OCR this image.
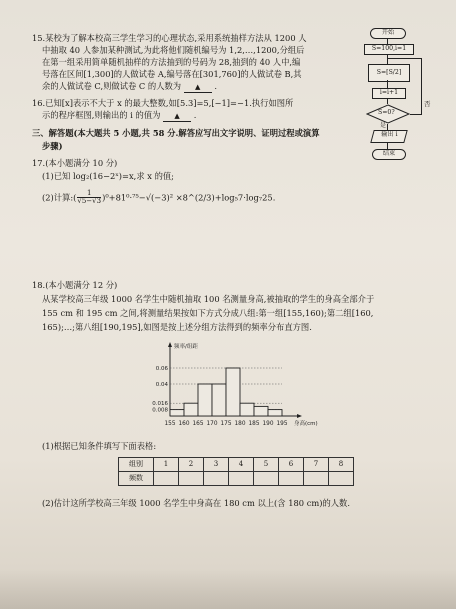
15.某校为了解本校高三学生学习的心理状态,采用系统抽样方法从 1200 人
中抽取 40 人参加某种测试,为此将他们随机编号为 1,2,…,1200,分组后
在第一组采用简单随机抽样的方法抽到的号码为 28,抽到的 40 人中,编
号落在区间[1,300]的人做试卷 A,编号落在[301,760]的人做试卷 B,其
余的人做试卷 C,则做试卷 C 的人数为 ▲ .
16.已知[x]表示不大于 x 的最大整数,如[5.3]=5,[−1]=−1.执行如图所
示的程序框图,则输出的 i 的值为 ▲ .
开始
S=100,i=1
S=[S/2]
i=i+1
S=0?
否
是
输出 i
结束
三、解答题(本大题共 5 小题,共 58 分.解答应写出文字说明、证明过程或演算
步骤)
17.(本小题满分 10 分)
(1)已知 log₂(16−2ˣ)=x,求 x 的值;
(2)计算:( $\frac{1}{√5-√3} )^0+81^0\cdot^{75}-√(-3)^2$ ×8^(2/3)+log₅7·log₇25.
18.(本小题满分 12 分)
从某学校高三年级 1000 名学生中随机抽取 100 名测量身高,被抽取的学生的身高全部介于
155 cm 和 195 cm 之间,将测量结果按如下方式分成八组:第一组[155,160);第二组[160,
165);…;第八组[190,195],如图是按上述分组方法得到的频率分布直方图.
频率/组距
0.06
0.04
0.016
0.008
155 160 165 170 175 180 185 190 195 身高(cm)
(1)根据已知条件填写下面表格:
组别	1	2	3	4	5	6	7	8
频数								
(2)估计这所学校高三年级 1000 名学生中身高在 180 cm 以上(含 180 cm)的人数.
